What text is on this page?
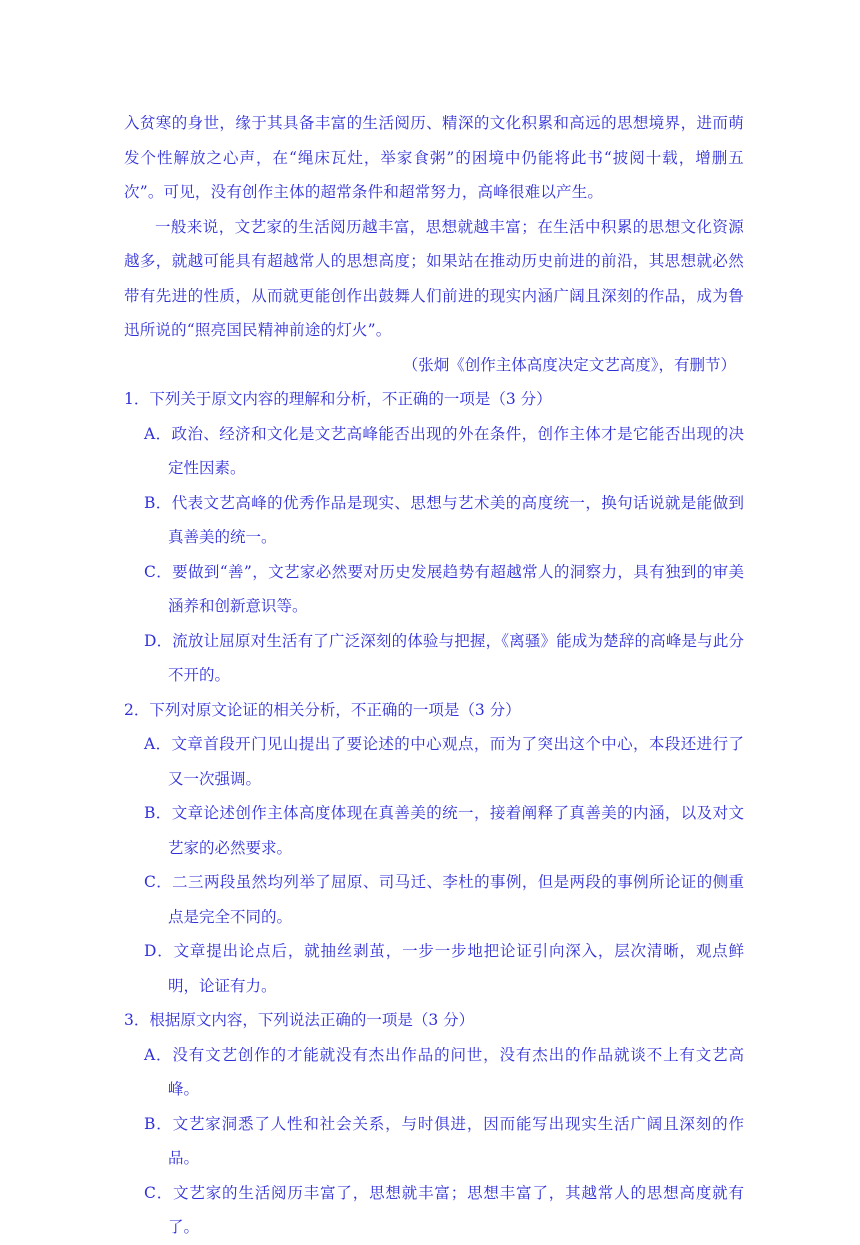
入贫寒的身世，缘于其具备丰富的生活阅历、精深的文化积累和高远的思想境界，进而萌发个性解放之心声，在“绳床瓦灶，举家食粥”的困境中仍能将此书“披阅十载，增删五次”。可见，没有创作主体的超常条件和超常努力，高峰很难以产生。

一般来说，文艺家的生活阅历越丰富，思想就越丰富；在生活中积累的思想文化资源越多，就越可能具有超越常人的思想高度；如果站在推动历史前进的前沿，其思想就必然带有先进的性质，从而就更能创作出鼓舞人们前进的现实内涵广阔且深刻的作品，成为鲁迅所说的“照亮国民精神前途的灯火”。

（张炯《创作主体高度决定文艺高度》，有删节）

1．下列关于原文内容的理解和分析，不正确的一项是（3 分）

A．政治、经济和文化是文艺高峰能否出现的外在条件，创作主体才是它能否出现的决定性因素。

B．代表文艺高峰的优秀作品是现实、思想与艺术美的高度统一，换句话说就是能做到真善美的统一。

C．要做到“善”，文艺家必然要对历史发展趋势有超越常人的洞察力，具有独到的审美涵养和创新意识等。

D．流放让屈原对生活有了广泛深刻的体验与把握，《离骚》能成为楚辞的高峰是与此分不开的。

2．下列对原文论证的相关分析，不正确的一项是（3 分）

A．文章首段开门见山提出了要论述的中心观点，而为了突出这个中心，本段还进行了又一次强调。

B．文章论述创作主体高度体现在真善美的统一，接着阐释了真善美的内涵，以及对文艺家的必然要求。

C．二三两段虽然均列举了屈原、司马迁、李杜的事例，但是两段的事例所论证的侧重点是完全不同的。

D．文章提出论点后，就抽丝剥茧，一步一步地把论证引向深入，层次清晰，观点鲜明，论证有力。

3．根据原文内容，下列说法正确的一项是（3 分）

A．没有文艺创作的才能就没有杰出作品的问世，没有杰出的作品就谈不上有文艺高峰。

B．文艺家洞悉了人性和社会关系，与时俱进，因而能写出现实生活广阔且深刻的作品。

C．文艺家的生活阅历丰富了，思想就丰富；思想丰富了，其越常人的思想高度就有了。
